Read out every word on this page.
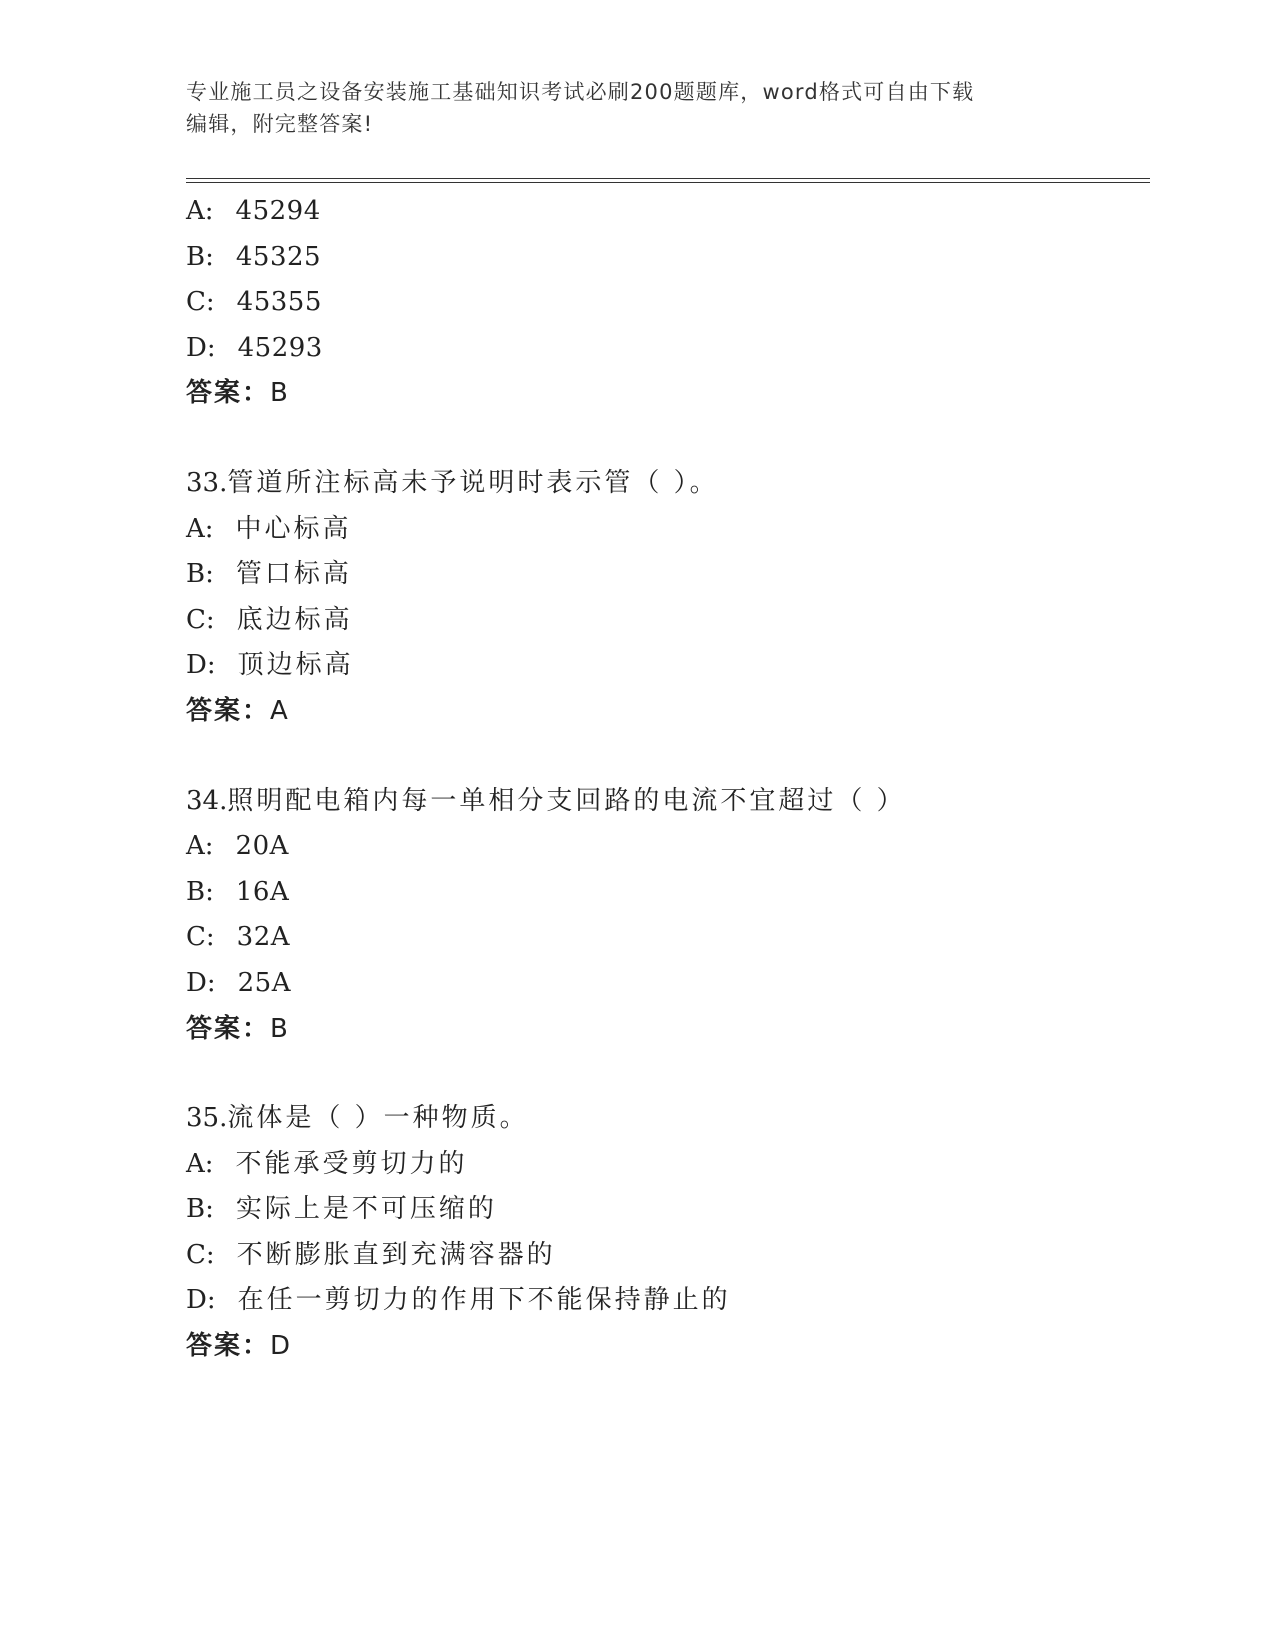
专业施工员之设备安装施工基础知识考试必刷200题题库，word格式可自由下载

编辑，附完整答案!

A: 45294
B: 45325
C: 45355
D: 45293
答案：B
33.管道所注标高未予说明时表示管（ ）。
A: 中心标高
B: 管口标高
C: 底边标高
D: 顶边标高
答案：A
34.照明配电箱内每一单相分支回路的电流不宜超过（ ）
A: 20A
B: 16A
C: 32A
D: 25A
答案：B
35.流体是（ ）一种物质。
A: 不能承受剪切力的
B: 实际上是不可压缩的
C: 不断膨胀直到充满容器的
D: 在任一剪切力的作用下不能保持静止的
答案：D
